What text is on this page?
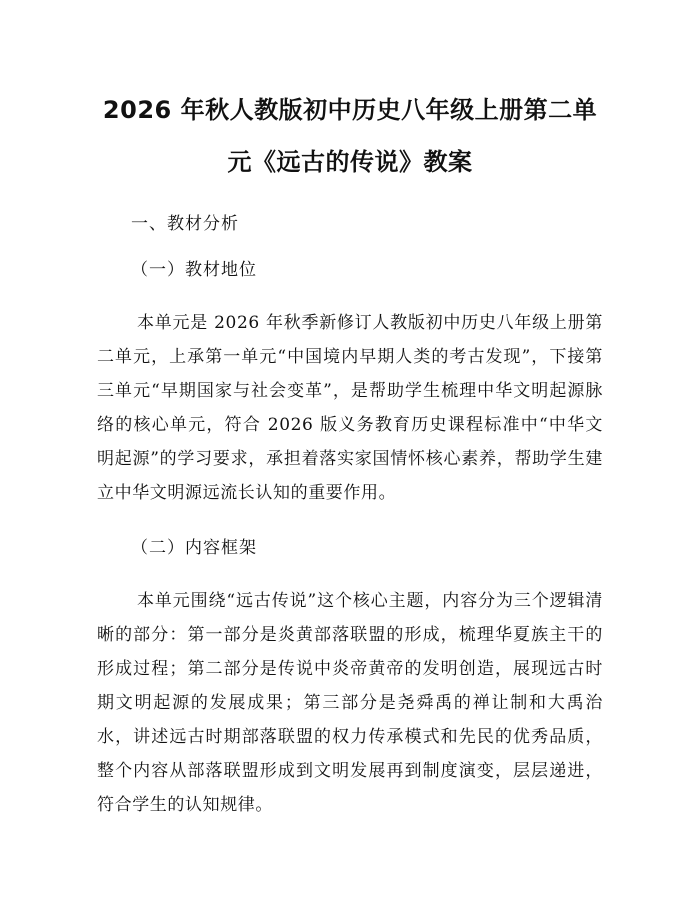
2026 年秋人教版初中历史八年级上册第二单
元《远古的传说》教案

一、教材分析

（一）教材地位

本单元是 2026 年秋季新修订人教版初中历史八年级上册第二单元，上承第一单元“中国境内早期人类的考古发现”，下接第三单元“早期国家与社会变革”，是帮助学生梳理中华文明起源脉络的核心单元，符合 2026 版义务教育历史课程标准中“中华文明起源”的学习要求，承担着落实家国情怀核心素养，帮助学生建立中华文明源远流长认知的重要作用。

（二）内容框架

本单元围绕“远古传说”这个核心主题，内容分为三个逻辑清晰的部分：第一部分是炎黄部落联盟的形成，梳理华夏族主干的形成过程；第二部分是传说中炎帝黄帝的发明创造，展现远古时期文明起源的发展成果；第三部分是尧舜禹的禅让制和大禹治水，讲述远古时期部落联盟的权力传承模式和先民的优秀品质，整个内容从部落联盟形成到文明发展再到制度演变，层层递进，符合学生的认知规律。
